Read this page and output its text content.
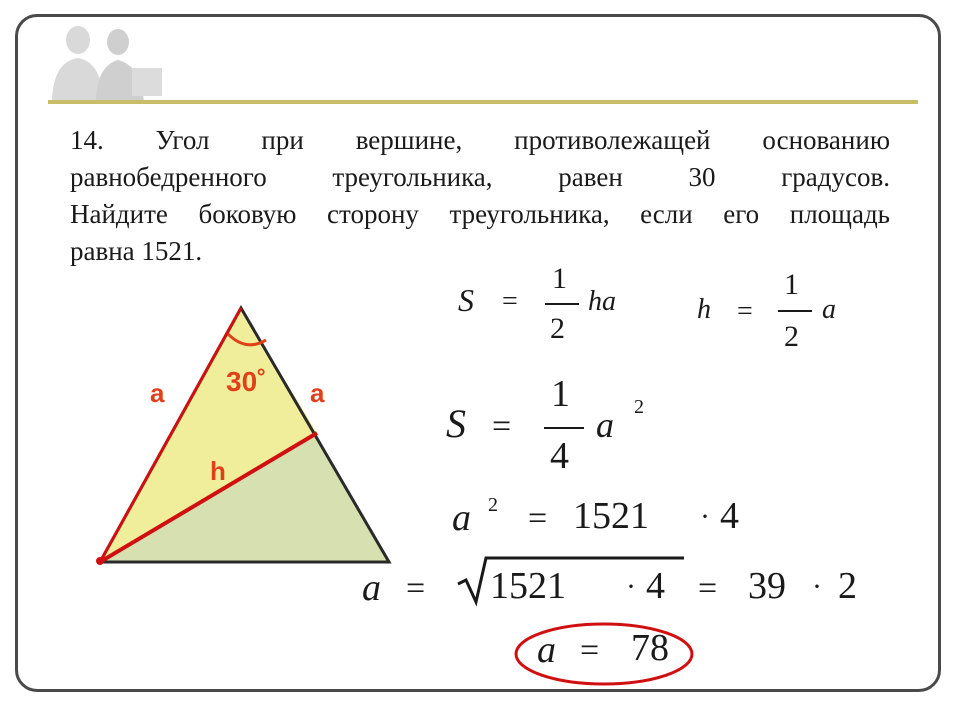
14. Угол при вершине, противолежащей основанию
равнобедренного треугольника, равен 30 градусов.
Найдите боковую сторону треугольника, если его площадь
равна 1521.
a	a
30˚
h
S =
1
2
ha	h =
1
2
a
S =
1
4
a 2
a 2 = 1521 · 4
a = 1521 · 4 = 39 · 2
a = 78
